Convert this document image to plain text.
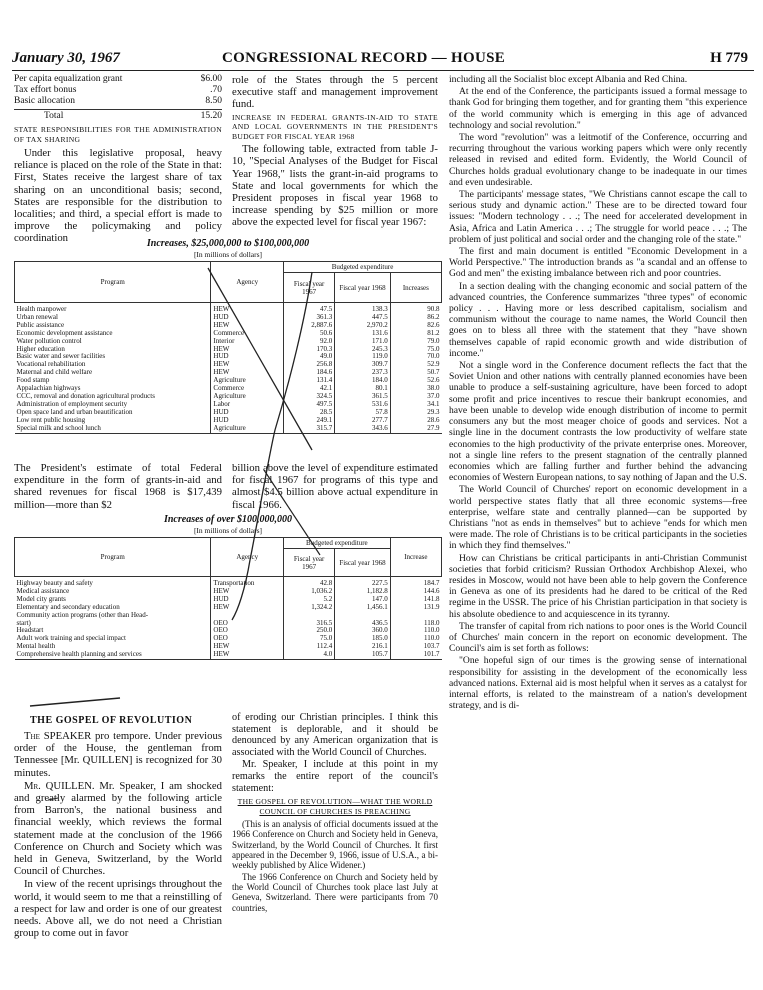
January 30, 1967	CONGRESSIONAL RECORD — HOUSE	H 779
Per capita equalization grant	$6.00
Tax effort bonus	.70
Basic allocation	8.50
Total	15.20
STATE RESPONSIBILITIES FOR THE ADMINISTRATION OF TAX SHARING

Under this legislative proposal, heavy reliance is placed on the role of the State in that: First, States receive the largest share of tax sharing on an unconditional basis; second, States are responsible for the distribution to localities; and third, a special effort is made to improve the policymaking and policy coordination

role of the States through the 5 percent executive staff and management improvement fund.

INCREASE IN FEDERAL GRANTS-IN-AID TO STATE AND LOCAL GOVERNMENTS IN THE PRESIDENT'S BUDGET FOR FISCAL YEAR 1968

The following table, extracted from table J-10, "Special Analyses of the Budget for Fiscal Year 1968," lists the grant-in-aid programs to State and local governments for which the President proposes in fiscal year 1968 to increase spending by $25 million or more above the expected level for fiscal year 1967:

Increases, $25,000,000 to $100,000,000
[In millions of dollars]
Program	Agency	Budgeted expenditure		
		Fiscal year 1967	Fiscal year 1968	Increases
Health manpower	HEW	47.5	138.3	90.8
Urban renewal	HUD	361.3	447.5	86.2
Public assistance	HEW	2,887.6	2,970.2	82.6
Economic development assistance	Commerce	50.6	131.6	81.2
Water pollution control	Interior	92.0	171.0	79.0
Higher education	HEW	170.3	245.3	75.0
Basic water and sewer facilities	HUD	49.0	119.0	70.0
Vocational rehabilitation	HEW	256.8	309.7	52.9
Maternal and child welfare	HEW	184.6	237.3	50.7
Food stamp	Agriculture	131.4	184.0	52.6
Appalachian highways	Commerce	42.1	80.1	38.0
CCC, removal and donation agricultural products	Agriculture	324.5	361.5	37.0
Administration of employment security	Labor	497.5	531.6	34.1
Open space land and urban beautification	HUD	28.5	57.8	29.3
Low rent public housing	HUD	249.1	277.7	28.6
Special milk and school lunch	Agriculture	315.7	343.6	27.9
The President's estimate of total Federal expenditure in the form of grants-in-aid and shared revenues for fiscal 1968 is $17,439 million—more than $2
billion above the level of expenditure estimated for fiscal 1967 for programs of this type and almost $4.5 billion above actual expenditure in fiscal 1966.
Increases of over $100,000,000
[In millions of dollars]
Program	Agency	Budgeted expenditure		Increase
		Fiscal year 1967	Fiscal year 1968	
Highway beauty and safety	Transportation	42.8	227.5	184.7
Medical assistance	HEW	1,036.2	1,182.8	144.6
Model city grants	HUD	5.2	147.0	141.8
Elementary and secondary education	HEW	1,324.2	1,456.1	131.9
Community action programs (other than Head-				
start)	OEO	316.5	436.5	118.0
Headstart	OEO	250.0	360.0	110.0
Adult work training and special impact	OEO	75.0	185.0	110.0
Mental health	HEW	112.4	216.1	103.7
Comprehensive health planning and services	HEW	4.0	105.7	101.7
THE GOSPEL OF REVOLUTION

The SPEAKER pro tempore. Under previous order of the House, the gentleman from Tennessee [Mr. QUILLEN] is recognized for 30 minutes.

Mr. QUILLEN. Mr. Speaker, I am shocked and greatly alarmed by the following article from Barron's, the national business and financial weekly, which reviews the formal statement made at the conclusion of the 1966 Conference on Church and Society which was held in Geneva, Switzerland, by the World Council of Churches.

In view of the recent uprisings throughout the world, it would seem to me that a reinstilling of a respect for law and order is one of our greatest needs. Above all, we do not need a Christian group to come out in favor

of eroding our Christian principles. I think this statement is deplorable, and it should be denounced by any American organization that is associated with the World Council of Churches.

Mr. Speaker, I include at this point in my remarks the entire report of the council's statement:

THE GOSPEL OF REVOLUTION—WHAT THE WORLD COUNCIL OF CHURCHES IS PREACHING

(This is an analysis of official documents issued at the 1966 Conference on Church and Society held in Geneva, Switzerland, by the World Council of Churches. It first appeared in the December 9, 1966, issue of U.S.A., a bi-weekly published by Alice Widener.)

The 1966 Conference on Church and Society held by the World Council of Churches took place last July at Geneva, Switzerland. There were participants from 70 countries,

including all the Socialist bloc except Albania and Red China.

At the end of the Conference, the participants issued a formal message to thank God for bringing them together, and for granting them "this experience of the world community which is emerging in this age of advanced technology and social revolution."

The word "revolution" was a leitmotif of the Conference, occurring and recurring throughout the various working papers which were only recently released in revised and edited form. Evidently, the World Council of Churches holds gradual evolutionary change to be inadequate in our times and even undesirable.

The participants' message states, "We Christians cannot escape the call to serious study and dynamic action." These are to be directed toward four issues: "Modern technology . . .; The need for accelerated development in Asia, Africa and Latin America . . .; The struggle for world peace . . .; The problem of just political and social order and the changing role of the state."

The first and main document is entitled "Economic Development in a World Perspective." The introduction brands as "a scandal and an offense to God and men" the existing imbalance between rich and poor countries.

In a section dealing with the changing economic and social pattern of the advanced countries, the Conference summarizes "three types" of economic policy . . . Having more or less described capitalism, socialism and communism without the courage to name names, the World Council then goes on to bless all three with the statement that they "have shown themselves capable of rapid economic growth and wide distribution of income."

Not a single word in the Conference document reflects the fact that the Soviet Union and other nations with centrally planned economies have been unable to produce a self-sustaining agriculture, have been forced to adopt some profit and price incentives to rescue their bankrupt economies, and have been unable to develop wide enough distribution of income to permit consumers any but the most meager choice of goods and services. Not a single line in the document contrasts the low productivity of welfare state economies to the high productivity of the private enterprise ones. Moreover, not a single line refers to the present stagnation of the centrally planned economies which are falling further and further behind the advancing economies of Western European nations, to say nothing of Japan and the U.S.

The World Council of Churches' report on economic development in a world perspective states flatly that all three economic systems—free enterprise, welfare state and centrally planned—can be supported by Christians "not as ends in themselves" but to achieve "ends for which men were made. The role of Christians is to be critical participants in the societies in which they find themselves."

How can Christians be critical participants in anti-Christian Communist societies that forbid criticism? Russian Orthodox Archbishop Alexei, who resides in Moscow, would not have been able to help govern the Conference in Geneva as one of its presidents had he dared to be critical of the Red regime in the USSR. The price of his Christian participation in that society is his absolute obedience to and acquiescence in its tyranny.

The transfer of capital from rich nations to poor ones is the World Council of Churches' main concern in the report on economic development. The Council's aim is set forth as follows:

"One hopeful sign of our times is the growing sense of international responsibility for assisting in the development of the economically less advanced nations. External aid is most helpful when it serves as a catalyst for internal efforts, is related to the mainstream of a nation's development strategy, and is di-
